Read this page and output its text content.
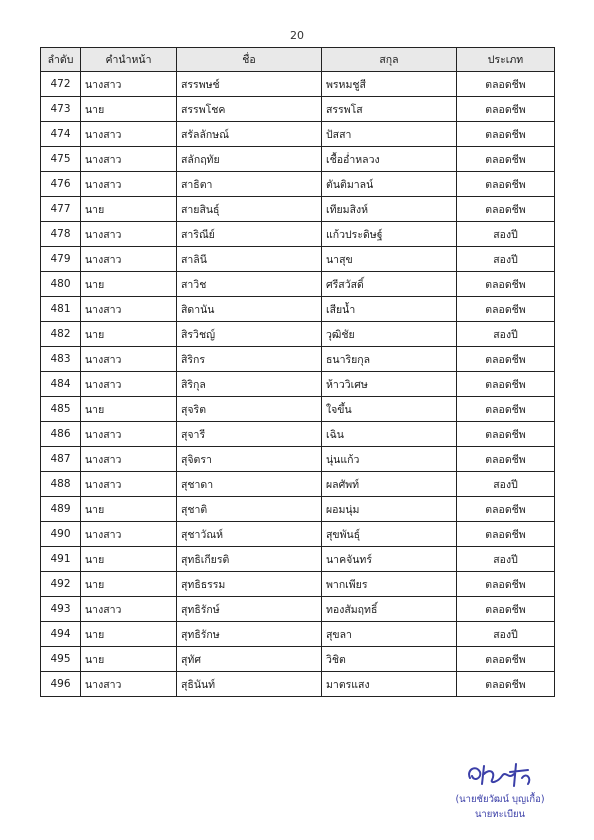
20
ลำดับ	คำนำหน้า	ชื่อ	สกุล	ประเภท
472	นางสาว	สรรพษช์	พรหมชูสี	ตลอดชีพ
473	นาย	สรรพโชค	สรรพโส	ตลอดชีพ
474	นางสาว	สรัลลักษณ์	ปัสสา	ตลอดชีพ
475	นางสาว	สลักฤทัย	เชื้ออ่ำหลวง	ตลอดชีพ
476	นางสาว	สาธิตา	ตันติมาลน์	ตลอดชีพ
477	นาย	สายสินธุ์	เทียมสิงห์	ตลอดชีพ
478	นางสาว	สาริณีย์	แก้วประดิษฐ์	สองปี
479	นางสาว	สาลินี	นาสุข	สองปี
480	นาย	สาวิช	ศรีสวัสดิ์	ตลอดชีพ
481	นางสาว	สิดานัน	เสียน้ำ	ตลอดชีพ
482	นาย	สิรวิชญ์	วุฒิชัย	สองปี
483	นางสาว	สิริกร	ธนาริยกุล	ตลอดชีพ
484	นางสาว	สิริกุล	ห้าววิเศษ	ตลอดชีพ
485	นาย	สุจริต	ใจขึ้น	ตลอดชีพ
486	นางสาว	สุจารี	เฉิน	ตลอดชีพ
487	นางสาว	สุจิตรา	นุ่นแก้ว	ตลอดชีพ
488	นางสาว	สุชาดา	ผลศัพท์	สองปี
489	นาย	สุชาติ	ผอมนุ่ม	ตลอดชีพ
490	นางสาว	สุชาวัณห์	สุขพันธุ์	ตลอดชีพ
491	นาย	สุทธิเกียรติ	นาคจันทร์	สองปี
492	นาย	สุทธิธรรม	พากเพียร	ตลอดชีพ
493	นางสาว	สุทธิรักษ์	ทองสัมฤทธิ์	ตลอดชีพ
494	นาย	สุทธิรักษ	สุขลา	สองปี
495	นาย	สุทัศ	วิชิต	ตลอดชีพ
496	นางสาว	สุธินันท์	มาตรแสง	ตลอดชีพ
(นายชัยวัฒน์ บุญเกื้อ)
นายทะเบียน
